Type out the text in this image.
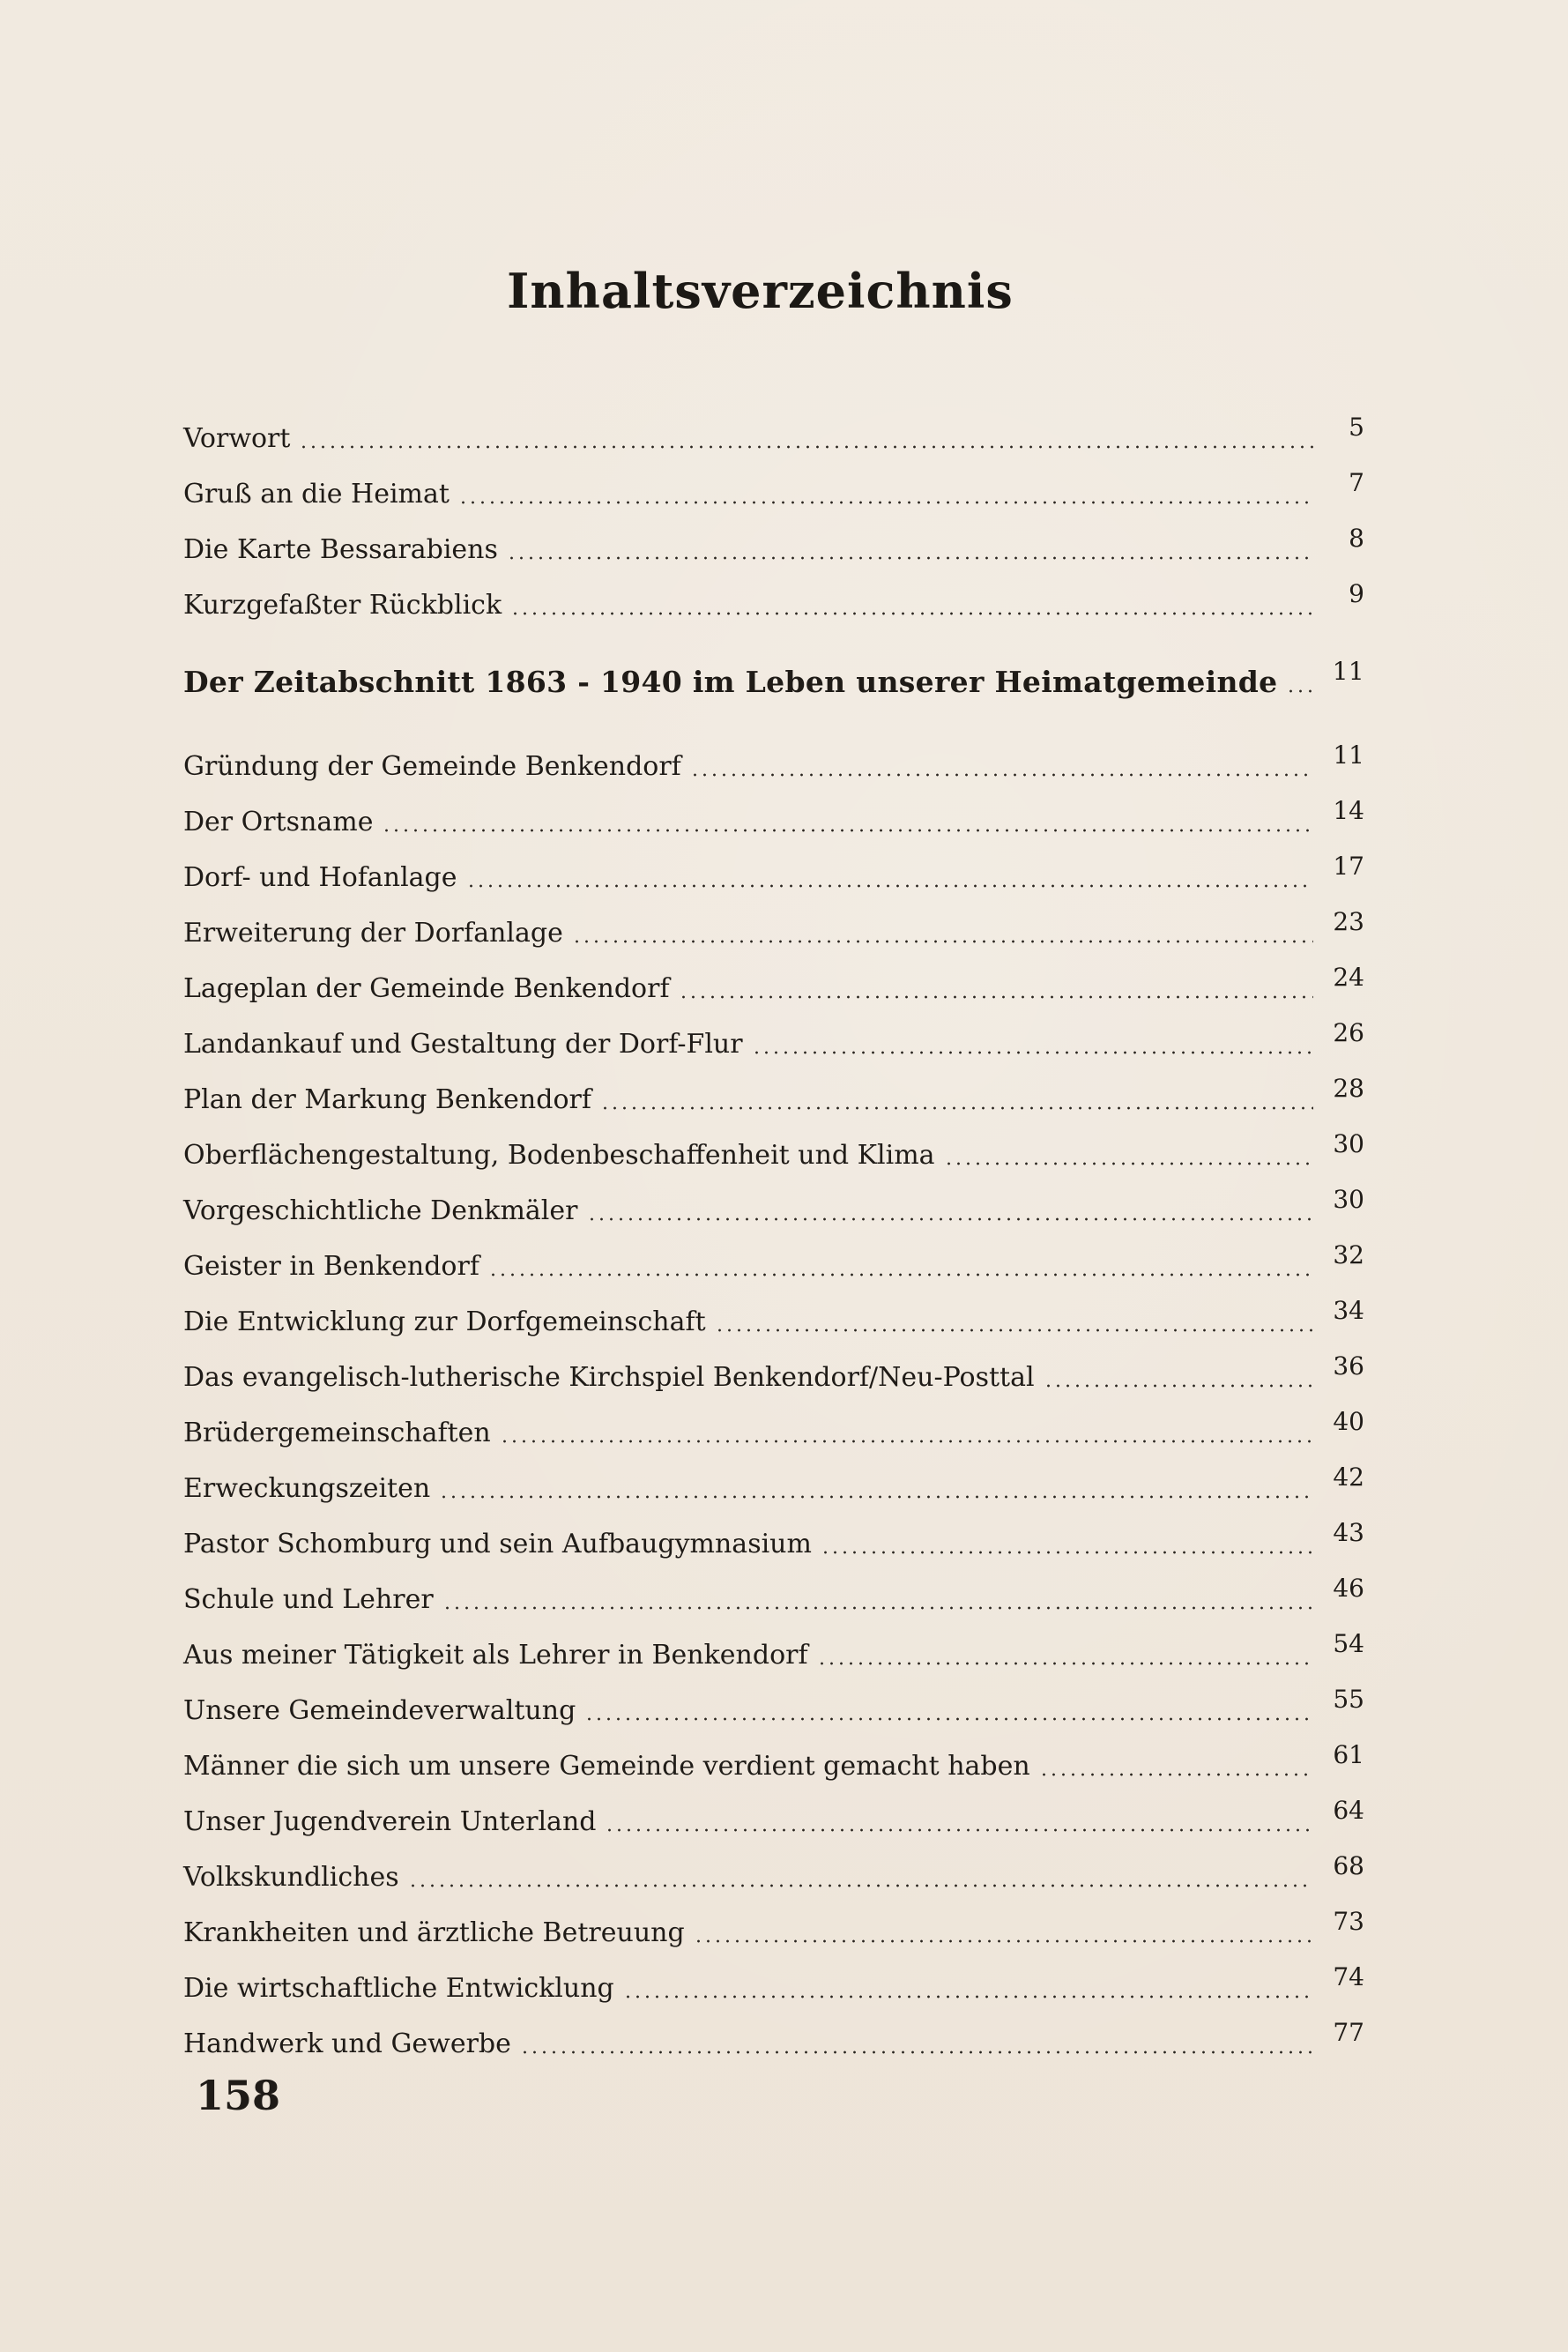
Inhaltsverzeichnis
Vorwort	5
Gruß an die Heimat	7
Die Karte Bessarabiens	8
Kurzgefaßter Rückblick	9
Der Zeitabschnitt 1863 - 1940 im Leben unserer Heimatgemeinde 11
Gründung der Gemeinde Benkendorf	11
Der Ortsname	14
Dorf- und Hofanlage	17
Erweiterung der Dorfanlage	23
Lageplan der Gemeinde Benkendorf	24
Landankauf und Gestaltung der Dorf-Flur	26
Plan der Markung Benkendorf	28
Oberflächengestaltung, Bodenbeschaffenheit und Klima	30
Vorgeschichtliche Denkmäler	30
Geister in Benkendorf	32
Die Entwicklung zur Dorfgemeinschaft	34
Das evangelisch-lutherische Kirchspiel Benkendorf/Neu-Posttal	36
Brüdergemeinschaften	40
Erweckungszeiten	42
Pastor Schomburg und sein Aufbaugymnasium	43
Schule und Lehrer	46
Aus meiner Tätigkeit als Lehrer in Benkendorf	54
Unsere Gemeindeverwaltung	55
Männer die sich um unsere Gemeinde verdient gemacht haben	61
Unser Jugendverein Unterland	64
Volkskundliches	68
Krankheiten und ärztliche Betreuung	73
Die wirtschaftliche Entwicklung	74
Handwerk und Gewerbe	77
158
